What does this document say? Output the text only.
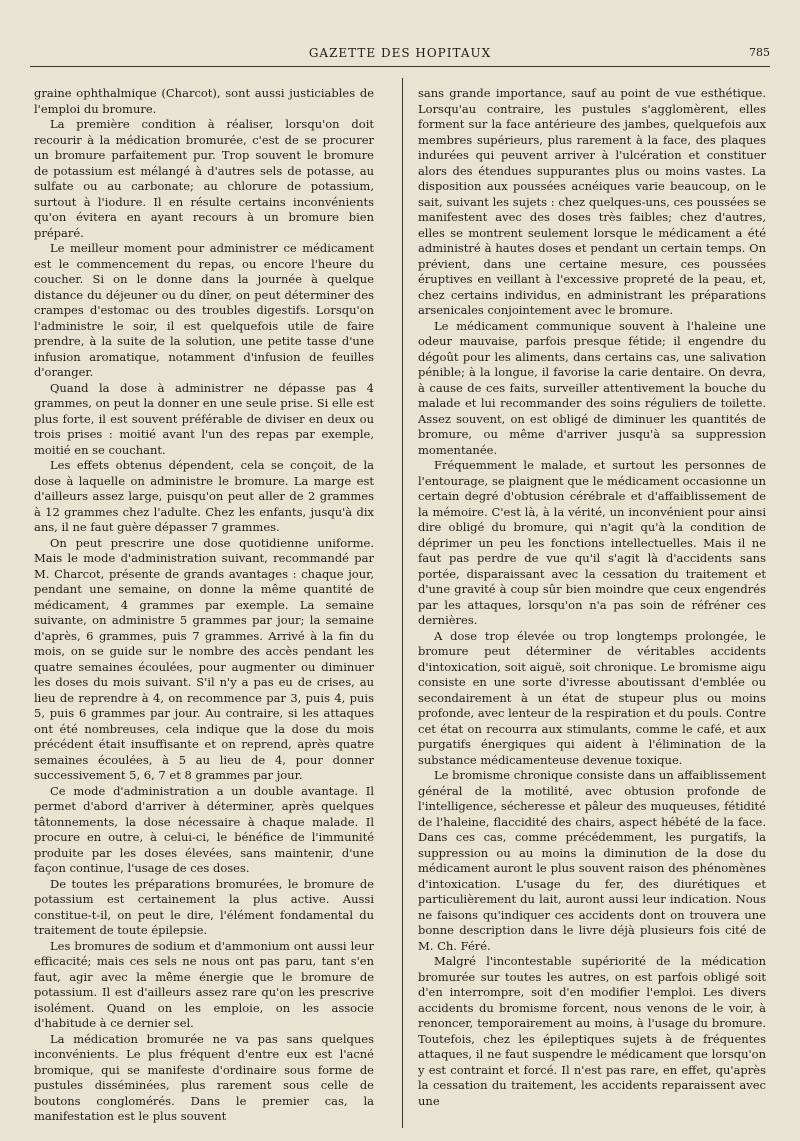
GAZETTE DES HOPITAUX	785

graine ophthalmique (Charcot), sont aussi justiciables de l'emploi du bromure.

La première condition à réaliser, lorsqu'on doit recourir à la médication bromurée, c'est de se procurer un bromure parfaitement pur. Trop souvent le bromure de potassium est mélangé à d'autres sels de potasse, au sulfate ou au carbonate; au chlorure de potassium, surtout à l'iodure. Il en résulte certains inconvénients qu'on évitera en ayant recours à un bromure bien préparé.

Le meilleur moment pour administrer ce médicament est le commencement du repas, ou encore l'heure du coucher. Si on le donne dans la journée à quelque distance du déjeuner ou du dîner, on peut déterminer des crampes d'estomac ou des troubles digestifs. Lorsqu'on l'administre le soir, il est quelquefois utile de faire prendre, à la suite de la solution, une petite tasse d'une infusion aromatique, notamment d'infusion de feuilles d'oranger.

Quand la dose à administrer ne dépasse pas 4 grammes, on peut la donner en une seule prise. Si elle est plus forte, il est souvent préférable de diviser en deux ou trois prises : moitié avant l'un des repas par exemple, moitié en se couchant.

Les effets obtenus dépendent, cela se conçoit, de la dose à laquelle on administre le bromure. La marge est d'ailleurs assez large, puisqu'on peut aller de 2 grammes à 12 grammes chez l'adulte. Chez les enfants, jusqu'à dix ans, il ne faut guère dépasser 7 grammes.

On peut prescrire une dose quotidienne uniforme. Mais le mode d'administration suivant, recommandé par M. Charcot, présente de grands avantages : chaque jour, pendant une semaine, on donne la même quantité de médicament, 4 grammes par exemple. La semaine suivante, on administre 5 grammes par jour; la semaine d'après, 6 grammes, puis 7 grammes. Arrivé à la fin du mois, on se guide sur le nombre des accès pendant les quatre semaines écoulées, pour augmenter ou diminuer les doses du mois suivant. S'il n'y a pas eu de crises, au lieu de reprendre à 4, on recommence par 3, puis 4, puis 5, puis 6 grammes par jour. Au contraire, si les attaques ont été nombreuses, cela indique que la dose du mois précédent était insuffisante et on reprend, après quatre semaines écoulées, à 5 au lieu de 4, pour donner successivement 5, 6, 7 et 8 grammes par jour.

Ce mode d'administration a un double avantage. Il permet d'abord d'arriver à déterminer, après quelques tâtonnements, la dose nécessaire à chaque malade. Il procure en outre, à celui-ci, le bénéfice de l'immunité produite par les doses élevées, sans maintenir, d'une façon continue, l'usage de ces doses.

De toutes les préparations bromurées, le bromure de potassium est certainement la plus active. Aussi constitue-t-il, on peut le dire, l'élément fondamental du traitement de toute épilepsie.

Les bromures de sodium et d'ammonium ont aussi leur efficacité; mais ces sels ne nous ont pas paru, tant s'en faut, agir avec la même énergie que le bromure de potassium. Il est d'ailleurs assez rare qu'on les prescrive isolément. Quand on les emploie, on les associe d'habitude à ce dernier sel.

La médication bromurée ne va pas sans quelques inconvénients. Le plus fréquent d'entre eux est l'acné bromique, qui se manifeste d'ordinaire sous forme de pustules disséminées, plus rarement sous celle de boutons conglomérés. Dans le premier cas, la manifestation est le plus souvent

sans grande importance, sauf au point de vue esthétique. Lorsqu'au contraire, les pustules s'agglomèrent, elles forment sur la face antérieure des jambes, quelquefois aux membres supérieurs, plus rarement à la face, des plaques indurées qui peuvent arriver à l'ulcération et constituer alors des étendues suppurantes plus ou moins vastes. La disposition aux poussées acnéiques varie beaucoup, on le sait, suivant les sujets : chez quelques-uns, ces poussées se manifestent avec des doses très faibles; chez d'autres, elles se montrent seulement lorsque le médicament a été administré à hautes doses et pendant un certain temps. On prévient, dans une certaine mesure, ces poussées éruptives en veillant à l'excessive propreté de la peau, et, chez certains individus, en administrant les préparations arsenicales conjointement avec le bromure.

Le médicament communique souvent à l'haleine une odeur mauvaise, parfois presque fétide; il engendre du dégoût pour les aliments, dans certains cas, une salivation pénible; à la longue, il favorise la carie dentaire. On devra, à cause de ces faits, surveiller attentivement la bouche du malade et lui recommander des soins réguliers de toilette. Assez souvent, on est obligé de diminuer les quantités de bromure, ou même d'arriver jusqu'à sa suppression momentanée.

Fréquemment le malade, et surtout les personnes de l'entourage, se plaignent que le médicament occasionne un certain degré d'obtusion cérébrale et d'affaiblissement de la mémoire. C'est là, à la vérité, un inconvénient pour ainsi dire obligé du bromure, qui n'agit qu'à la condition de déprimer un peu les fonctions intellectuelles. Mais il ne faut pas perdre de vue qu'il s'agit là d'accidents sans portée, disparaissant avec la cessation du traitement et d'une gravité à coup sûr bien moindre que ceux engendrés par les attaques, lorsqu'on n'a pas soin de réfréner ces dernières.

A dose trop élevée ou trop longtemps prolongée, le bromure peut déterminer de véritables accidents d'intoxication, soit aiguë, soit chronique. Le bromisme aigu consiste en une sorte d'ivresse aboutissant d'emblée ou secondairement à un état de stupeur plus ou moins profonde, avec lenteur de la respiration et du pouls. Contre cet état on recourra aux stimulants, comme le café, et aux purgatifs énergiques qui aident à l'élimination de la substance médicamenteuse devenue toxique.

Le bromisme chronique consiste dans un affaiblissement général de la motilité, avec obtusion profonde de l'intelligence, sécheresse et pâleur des muqueuses, fétidité de l'haleine, flaccidité des chairs, aspect hébété de la face. Dans ces cas, comme précédemment, les purgatifs, la suppression ou au moins la diminution de la dose du médicament auront le plus souvent raison des phénomènes d'intoxication. L'usage du fer, des diurétiques et particulièrement du lait, auront aussi leur indication. Nous ne faisons qu'indiquer ces accidents dont on trouvera une bonne description dans le livre déjà plusieurs fois cité de M. Ch. Féré.

Malgré l'incontestable supériorité de la médication bromurée sur toutes les autres, on est parfois obligé soit d'en interrompre, soit d'en modifier l'emploi. Les divers accidents du bromisme forcent, nous venons de le voir, à renoncer, temporairement au moins, à l'usage du bromure. Toutefois, chez les épileptiques sujets à de fréquentes attaques, il ne faut suspendre le médicament que lorsqu'on y est contraint et forcé. Il n'est pas rare, en effet, qu'après la cessation du traitement, les accidents reparaissent avec une
